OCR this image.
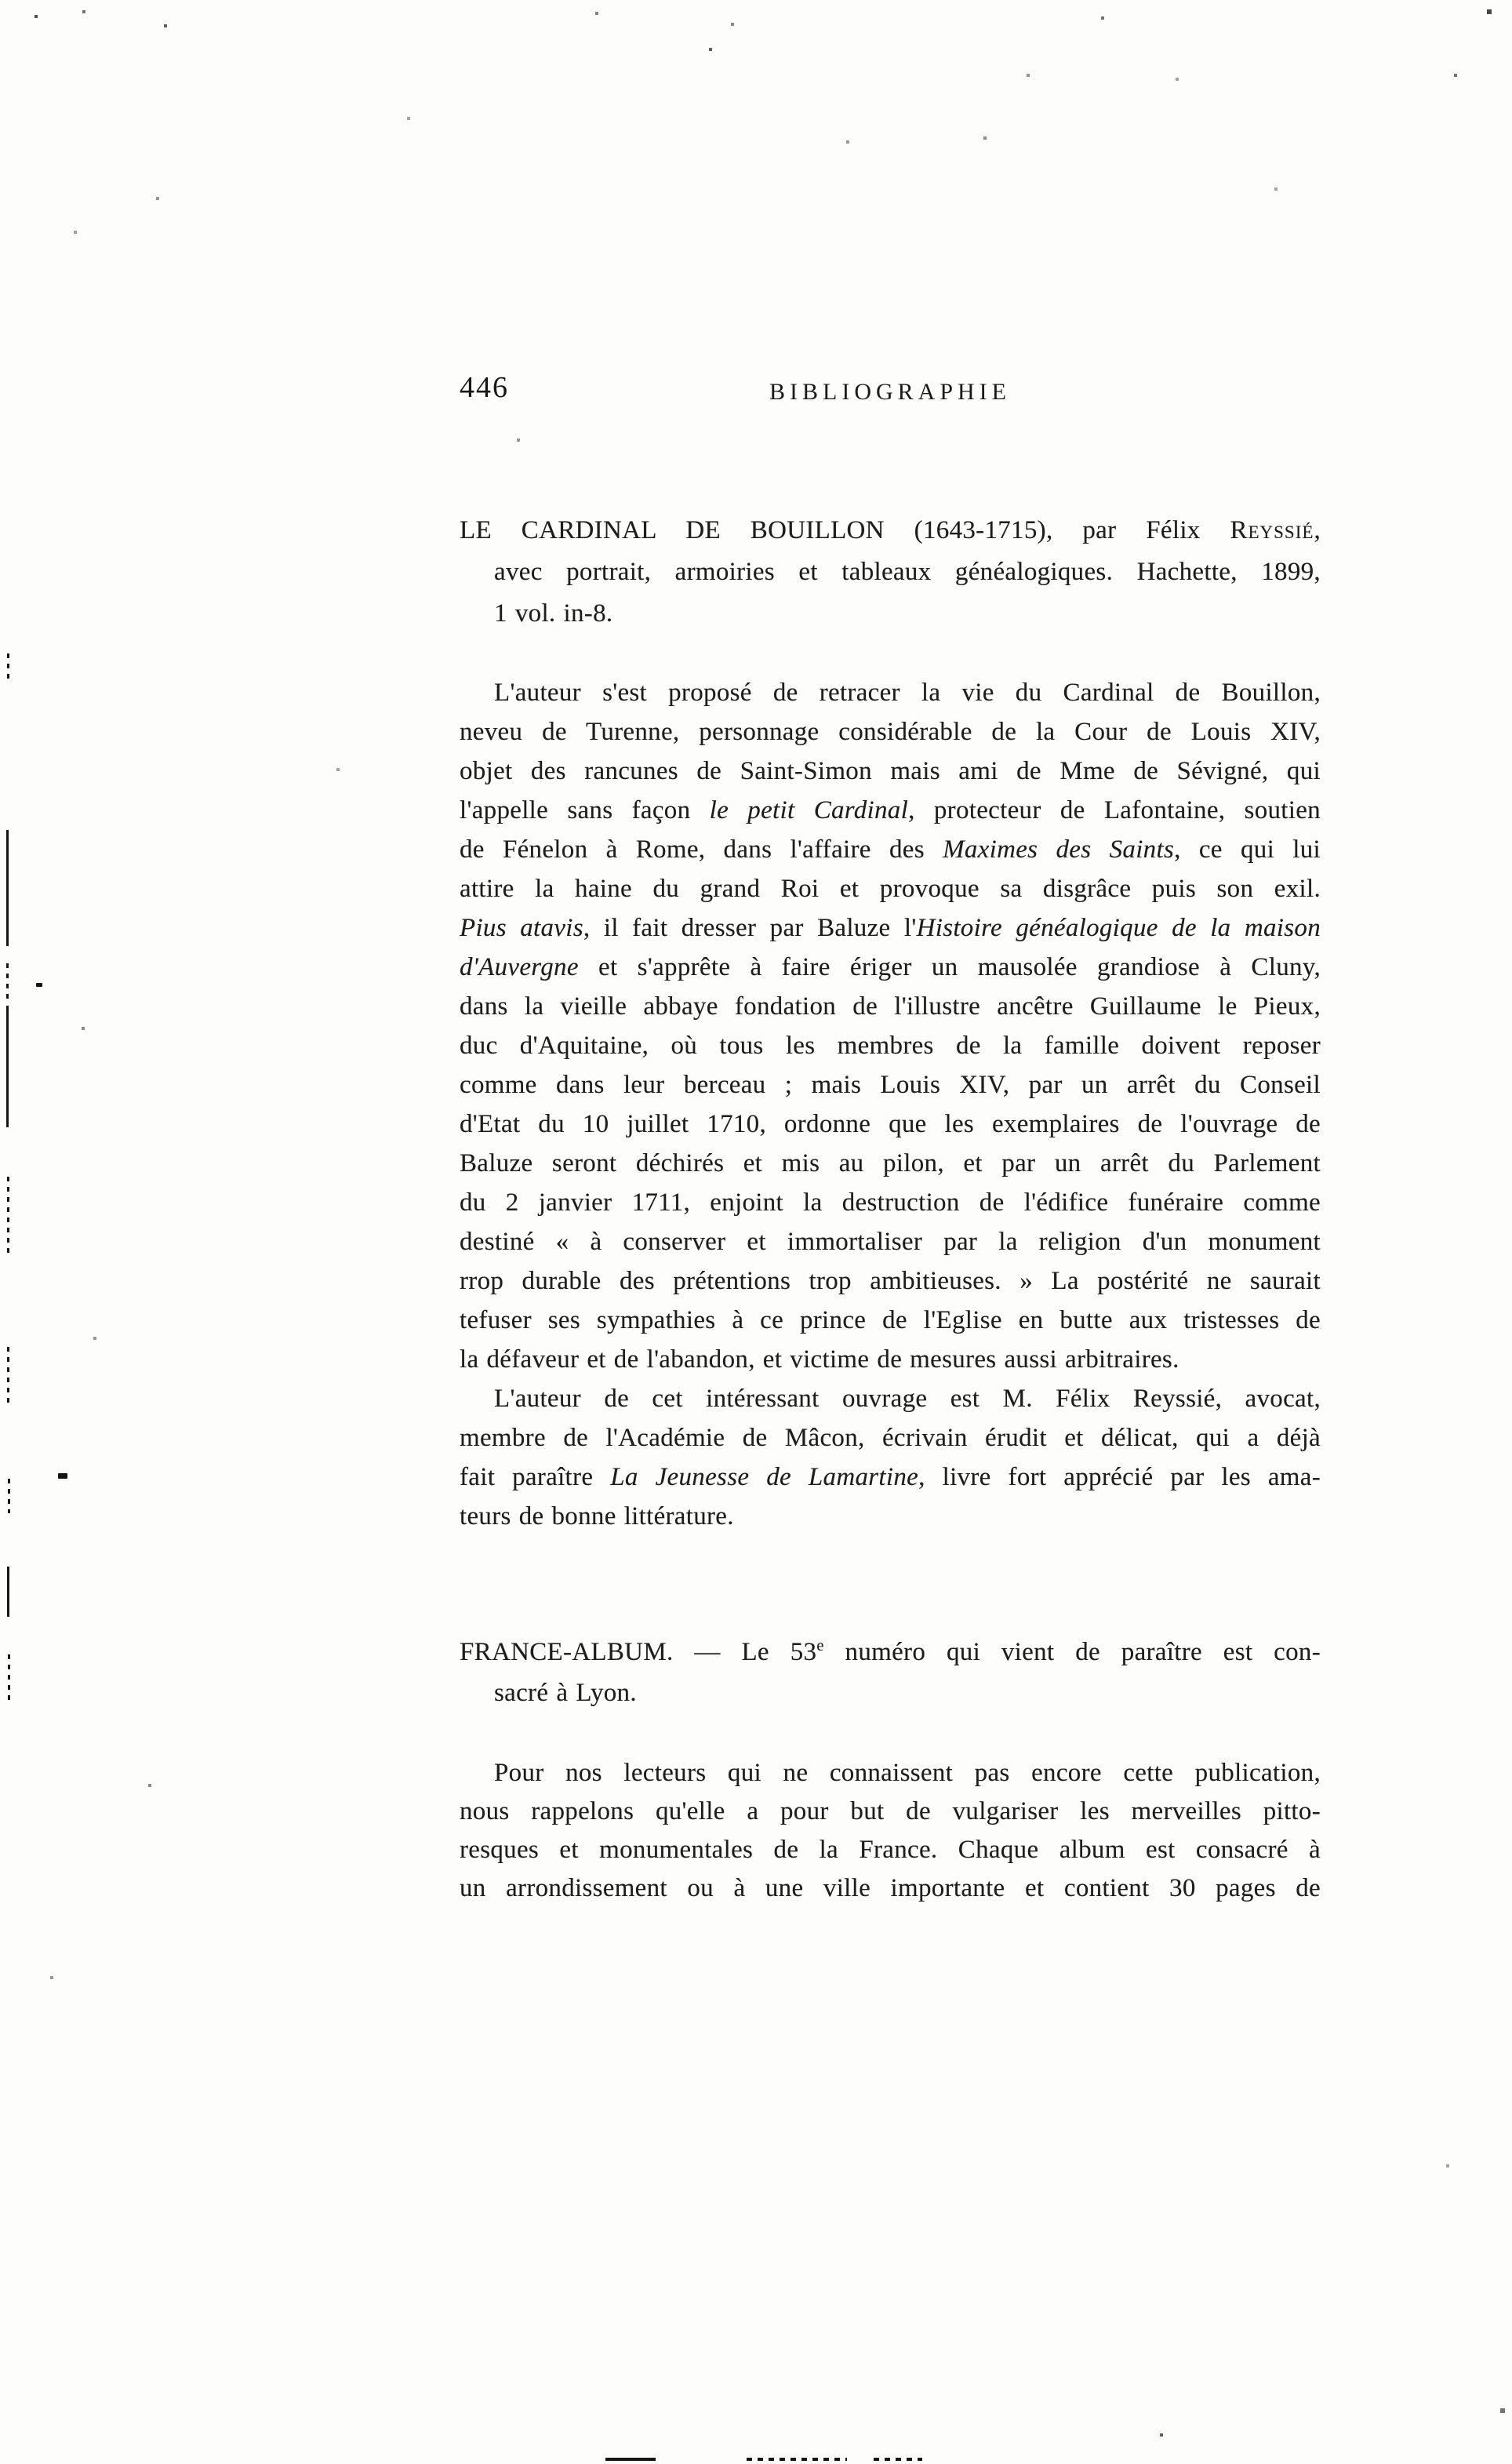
446	BIBLIOGRAPHIE
LE CARDINAL DE BOUILLON (1643-1715), par Félix Reyssié,
avec portrait, armoiries et tableaux généalogiques. Hachette, 1899,
1 vol. in-8.
L'auteur s'est proposé de retracer la vie du Cardinal de Bouillon,
neveu de Turenne, personnage considérable de la Cour de Louis XIV,
objet des rancunes de Saint-Simon mais ami de Mme de Sévigné, qui
l'appelle sans façon le petit Cardinal, protecteur de Lafontaine, soutien
de Fénelon à Rome, dans l'affaire des Maximes des Saints, ce qui lui
attire la haine du grand Roi et provoque sa disgrâce puis son exil.
Pius atavis, il fait dresser par Baluze l'Histoire généalogique de la maison
d'Auvergne et s'apprête à faire ériger un mausolée grandiose à Cluny,
dans la vieille abbaye fondation de l'illustre ancêtre Guillaume le Pieux,
duc d'Aquitaine, où tous les membres de la famille doivent reposer
comme dans leur berceau ; mais Louis XIV, par un arrêt du Conseil
d'Etat du 10 juillet 1710, ordonne que les exemplaires de l'ouvrage de
Baluze seront déchirés et mis au pilon, et par un arrêt du Parlement
du 2 janvier 1711, enjoint la destruction de l'édifice funéraire comme
destiné « à conserver et immortaliser par la religion d'un monument
rrop durable des prétentions trop ambitieuses. » La postérité ne saurait
tefuser ses sympathies à ce prince de l'Eglise en butte aux tristesses de
la défaveur et de l'abandon, et victime de mesures aussi arbitraires.
L'auteur de cet intéressant ouvrage est M. Félix Reyssié, avocat,
membre de l'Académie de Mâcon, écrivain érudit et délicat, qui a déjà
fait paraître La Jeunesse de Lamartine, livre fort apprécié par les ama-
teurs de bonne littérature.
FRANCE-ALBUM. — Le 53e numéro qui vient de paraître est con-
sacré à Lyon.
Pour nos lecteurs qui ne connaissent pas encore cette publication,
nous rappelons qu'elle a pour but de vulgariser les merveilles pitto-
resques et monumentales de la France. Chaque album est consacré à
un arrondissement ou à une ville importante et contient 30 pages de
